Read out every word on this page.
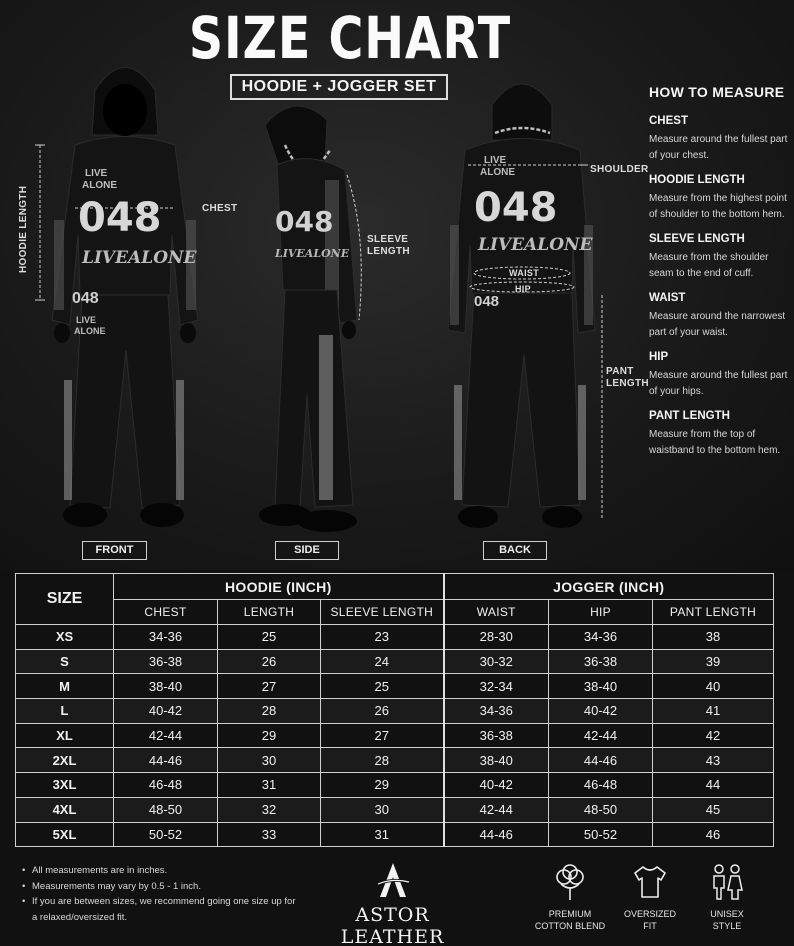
SIZE CHART
HOODIE + JOGGER SET
048
LIVEALONE
LIVE
ALONE
048
LIVE
ALONE
HOODIE LENGTH	CHEST
FRONT
048
LIVEALONE
SLEEVE
LENGTH
SIDE
048
LIVEALONE
LIVE
ALONE
048
SHOULDER
WAIST
HIP
PANT
LENGTH
BACK
HOW TO MEASURE
CHEST
Measure around the fullest part of your chest.
HOODIE LENGTH
Measure from the highest point of shoulder to the bottom hem.
SLEEVE LENGTH
Measure from the shoulder seam to the end of cuff.
WAIST
Measure around the narrowest part of your waist.
HIP
Measure around the fullest part of your hips.
PANT LENGTH
Measure from the top of waistband to the bottom hem.
SIZE	HOODIE (INCH)			JOGGER (INCH)		
	CHEST	LENGTH	SLEEVE LENGTH	WAIST	HIP	PANT LENGTH
XS	34-36	25	23	28-30	34-36	38
S	36-38	26	24	30-32	36-38	39
M	38-40	27	25	32-34	38-40	40
L	40-42	28	26	34-36	40-42	41
XL	42-44	29	27	36-38	42-44	42
2XL	44-46	30	28	38-40	44-46	43
3XL	46-48	31	29	40-42	46-48	44
4XL	48-50	32	30	42-44	48-50	45
5XL	50-52	33	31	44-46	50-52	46
• All measurements are in inches.
• Measurements may vary by 0.5 - 1 inch.
• If you are between sizes, we recommend going one size up for a relaxed/oversized fit.	ASTOR LEATHER
PREMIUM
COTTON BLEND
OVERSIZED
FIT
UNISEX
STYLE
